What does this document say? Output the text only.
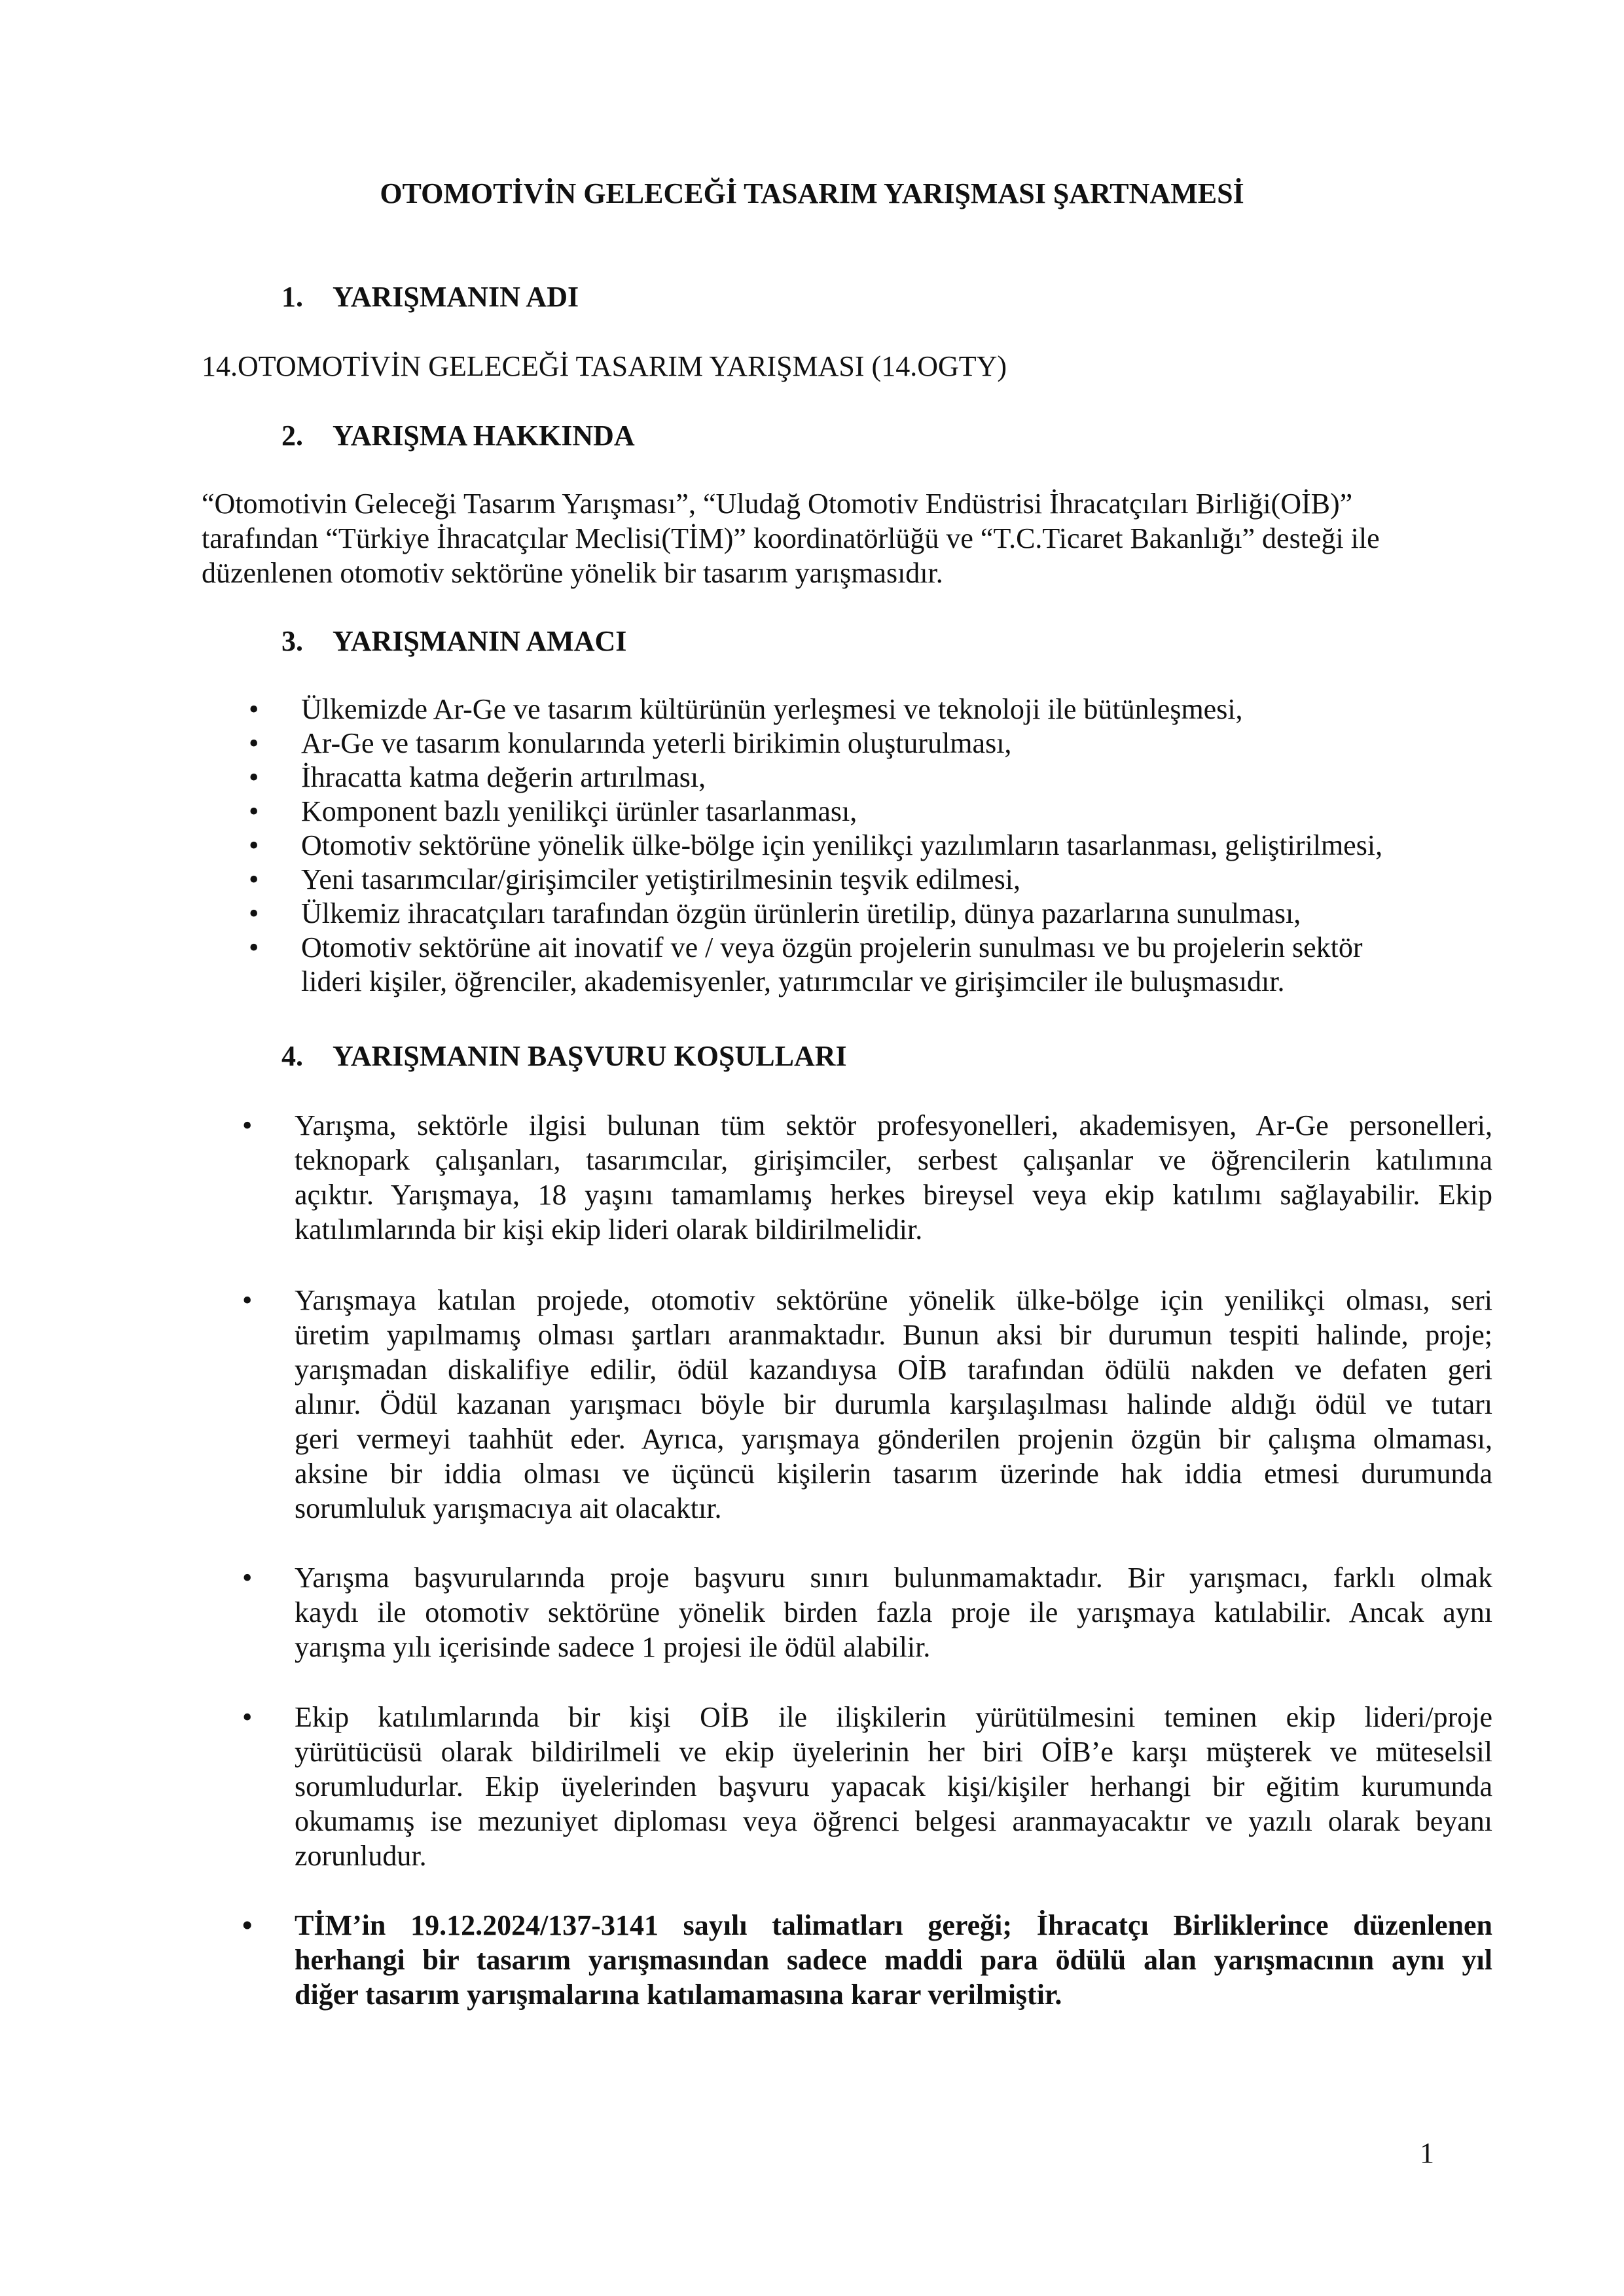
OTOMOTİVİN GELECEĞİ TASARIM YARIŞMASI ŞARTNAMESİ
1. YARIŞMANIN ADI
14.OTOMOTİVİN GELECEĞİ TASARIM YARIŞMASI (14.OGTY)
2. YARIŞMA HAKKINDA
“Otomotivin Geleceği Tasarım Yarışması”, “Uludağ Otomotiv Endüstrisi İhracatçıları Birliği(OİB)”
tarafından “Türkiye İhracatçılar Meclisi(TİM)” koordinatörlüğü ve “T.C.Ticaret Bakanlığı” desteği ile
düzenlenen otomotiv sektörüne yönelik bir tasarım yarışmasıdır.
3. YARIŞMANIN AMACI
• Ülkemizde Ar-Ge ve tasarım kültürünün yerleşmesi ve teknoloji ile bütünleşmesi,
• Ar-Ge ve tasarım konularında yeterli birikimin oluşturulması,
• İhracatta katma değerin artırılması,
• Komponent bazlı yenilikçi ürünler tasarlanması,
• Otomotiv sektörüne yönelik ülke-bölge için yenilikçi yazılımların tasarlanması, geliştirilmesi,
• Yeni tasarımcılar/girişimciler yetiştirilmesinin teşvik edilmesi,
• Ülkemiz ihracatçıları tarafından özgün ürünlerin üretilip, dünya pazarlarına sunulması,
• Otomotiv sektörüne ait inovatif ve / veya özgün projelerin sunulması ve bu projelerin sektör
lideri kişiler, öğrenciler, akademisyenler, yatırımcılar ve girişimciler ile buluşmasıdır.
4. YARIŞMANIN BAŞVURU KOŞULLARI
• Yarışma, sektörle ilgisi bulunan tüm sektör profesyonelleri, akademisyen, Ar-Ge personelleri,
teknopark çalışanları, tasarımcılar, girişimciler, serbest çalışanlar ve öğrencilerin katılımına
açıktır. Yarışmaya, 18 yaşını tamamlamış herkes bireysel veya ekip katılımı sağlayabilir. Ekip
katılımlarında bir kişi ekip lideri olarak bildirilmelidir.
• Yarışmaya katılan projede, otomotiv sektörüne yönelik ülke-bölge için yenilikçi olması, seri
üretim yapılmamış olması şartları aranmaktadır. Bunun aksi bir durumun tespiti halinde, proje;
yarışmadan diskalifiye edilir, ödül kazandıysa OİB tarafından ödülü nakden ve defaten geri
alınır. Ödül kazanan yarışmacı böyle bir durumla karşılaşılması halinde aldığı ödül ve tutarı
geri vermeyi taahhüt eder. Ayrıca, yarışmaya gönderilen projenin özgün bir çalışma olmaması,
aksine bir iddia olması ve üçüncü kişilerin tasarım üzerinde hak iddia etmesi durumunda
sorumluluk yarışmacıya ait olacaktır.
• Yarışma başvurularında proje başvuru sınırı bulunmamaktadır. Bir yarışmacı, farklı olmak
kaydı ile otomotiv sektörüne yönelik birden fazla proje ile yarışmaya katılabilir. Ancak aynı
yarışma yılı içerisinde sadece 1 projesi ile ödül alabilir.
• Ekip katılımlarında bir kişi OİB ile ilişkilerin yürütülmesini teminen ekip lideri/proje
yürütücüsü olarak bildirilmeli ve ekip üyelerinin her biri OİB’e karşı müşterek ve müteselsil
sorumludurlar. Ekip üyelerinden başvuru yapacak kişi/kişiler herhangi bir eğitim kurumunda
okumamış ise mezuniyet diploması veya öğrenci belgesi aranmayacaktır ve yazılı olarak beyanı
zorunludur.
• TİM’in 19.12.2024/137-3141 sayılı talimatları gereği; İhracatçı Birliklerince düzenlenen
herhangi bir tasarım yarışmasından sadece maddi para ödülü alan yarışmacının aynı yıl
diğer tasarım yarışmalarına katılamamasına karar verilmiştir.
1
